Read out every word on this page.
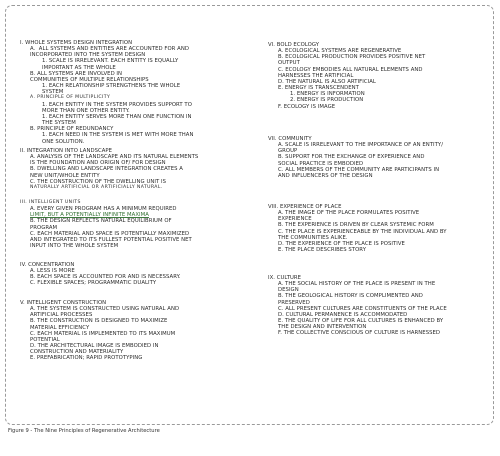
I. WHOLE SYSTEMS DESIGN INTEGRATION
A.  ALL SYSTEMS AND ENTITIES ARE ACCOUNTED FOR AND
INCORPORATED INTO THE SYSTEM DESIGN
1. SCALE IS IRRELEVANT. EACH ENTITY IS EQUALLY
IMPORTANT AS THE WHOLE
B. ALL SYSTEMS ARE INVOLVED IN
COMMUNITIES OF MULTIPLE RELATIONSHIPS
1. EACH RELATIONSHIP STRENGTHENS THE WHOLE
SYSTEM
A. PRINCIPLE OF MULTIPLICITY
1. EACH ENTITY IN THE SYSTEM PROVIDES SUPPORT TO
MORE THAN ONE OTHER ENTITY.
1. EACH ENTITY SERVES MORE THAN ONE FUNCTION IN
THE SYSTEM
B. PRINCIPLE OF REDUNDANCY
1. EACH NEED IN THE SYSTEM IS MET WITH MORE THAN
ONE SOLUTION.
II. INTEGRATION INTO LANDSCAPE
A. ANALYSIS OF THE LANDSCAPE AND ITS NATURAL ELEMENTS
IS THE FOUNDATION AND ORIGIN OF/ FOR DESIGN
B. DWELLING AND LANDSCAPE INTEGRATION CREATES A
NEW UNIT/WHOLE ENTITY
C. THE CONSTRUCTION OF THE DWELLING UNIT IS
NATURALLY ARTIFICIAL OR ARTIFICIALLY NATURAL.
III. INTELLIGENT UNITS
A. EVERY GIVEN PROGRAM HAS A MINIMUM REQUIRED
LIMIT, BUT A POTENTIALLY INFINITE MAXIMA
B. THE DESIGN REFLECTS NATURAL EQUILIBRIUM OF
PROGRAM
C. EACH MATERIAL AND SPACE IS POTENTIALLY MAXIMIZED
AND INTEGRATED TO ITS FULLEST POTENTIAL POSITIVE NET
INPUT INTO THE WHOLE SYSTEM
IV. CONCENTRATION
A. LESS IS MORE
B. EACH SPACE IS ACCOUNTED FOR AND IS NECESSARY.
C. FLEXIBLE SPACES; PROGRAMMATIC DUALITY
V. INTELLIGENT CONSTRUCTION
A. THE SYSTEM IS CONSTRUCTED USING NATURAL AND
ARTIFICIAL PROCESSES
B. THE CONSTRUCTION IS DESIGNED TO MAXIMIZE
MATERIAL EFFICIENCY
C. EACH MATERIAL IS IMPLEMENTED TO ITS MAXIMUM
POTENTIAL
D. THE ARCHITECTURAL IMAGE IS EMBODIED IN
CONSTRUCTION AND MATERIALITY
E. PREFABRICATION; RAPID PROTOTYPING
VI. BOLD ECOLOGY
A. ECOLOGICAL SYSTEMS ARE REGENERATIVE
B. ECOLOGICAL PRODUCTION PROVIDES POSITIVE NET
OUTPUT
C. ECOLOGY EMBODIES ALL NATURAL ELEMENTS AND
HARNESSES THE ARTIFICIAL
D. THE NATURAL IS ALSO ARTIFICIAL
E. ENERGY IS TRANSCENDENT
1. ENERGY IS INFORMATION
2. ENERGY IS PRODUCTION
F. ECOLOGY IS IMAGE
VII. COMMUNITY
A. SCALE IS IRRELEVANT TO THE IMPORTANCE OF AN ENTITY/
GROUP
B. SUPPORT FOR THE EXCHANGE OF EXPERIENCE AND
SOCIAL PRACTICE IS EMBODIED
C. ALL MEMBERS OF THE COMMUNITY ARE PARTICIPANTS IN
AND INFLUENCERS OF THE DESIGN
VIII. EXPERIENCE OF PLACE
A. THE IMAGE OF THE PLACE FORMULATES POSITIVE
EXPERIENCE
B. THE EXPERIENCE IS DRIVEN BY CLEAR SYSTEMIC FORM
C. THE PLACE IS EXPERIENCEABLE BY THE INDIVIDUAL AND BY
THE COMMUNITIES ALIKE.
D. THE EXPERIENCE OF THE PLACE IS POSITIVE
E. THE PLACE DESCRIBES STORY
IX. CULTURE
A. THE SOCIAL HISTORY OF THE PLACE IS PRESENT IN THE
DESIGN
B. THE GEOLOGICAL HISTORY IS COMPLIMENTED AND
PRESERVED
C. ALL PRESENT CULTURES ARE CONSTITUENTS OF THE PLACE
D. CULTURAL PERMANENCE IS ACCOMMODATED
E. THE QUALITY OF LIFE FOR ALL CULTURES IS ENHANCED BY
THE DESIGN AND INTERVENTION
F. THE COLLECTIVE CONSCIOUS OF CULTURE IS HARNESSED
Figure 9 - The Nine Principles of Regenerative Architecture
